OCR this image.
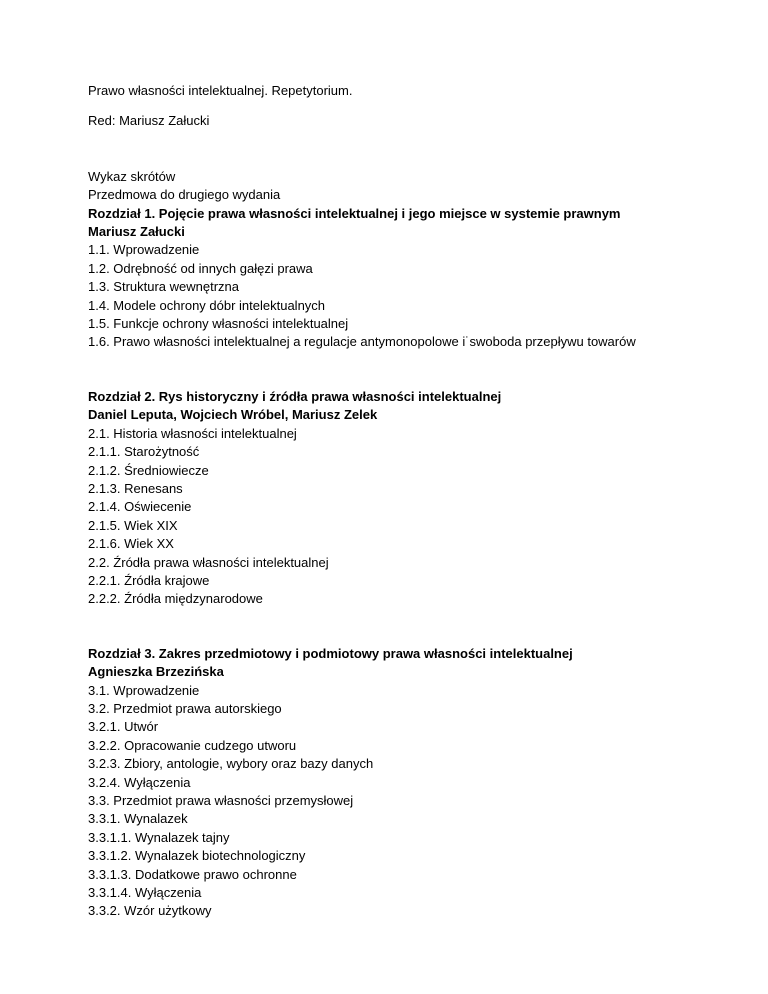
Prawo własności intelektualnej. Repetytorium.
Red: Mariusz Załucki
Wykaz skrótów
Przedmowa do drugiego wydania
Rozdział 1. Pojęcie prawa własności intelektualnej i jego miejsce w systemie prawnym
Mariusz Załucki
1.1. Wprowadzenie
1.2. Odrębność od innych gałęzi prawa
1.3. Struktura wewnętrzna
1.4. Modele ochrony dóbr intelektualnych
1.5. Funkcje ochrony własności intelektualnej
1.6. Prawo własności intelektualnej a regulacje antymonopolowe i˙swoboda przepływu towarów
Rozdział 2. Rys historyczny i źródła prawa własności intelektualnej
Daniel Leputa, Wojciech Wróbel, Mariusz Zelek
2.1. Historia własności intelektualnej
2.1.1. Starożytność
2.1.2. Średniowiecze
2.1.3. Renesans
2.1.4. Oświecenie
2.1.5. Wiek XIX
2.1.6. Wiek XX
2.2. Źródła prawa własności intelektualnej
2.2.1. Źródła krajowe
2.2.2. Źródła międzynarodowe
Rozdział 3. Zakres przedmiotowy i podmiotowy prawa własności intelektualnej
Agnieszka Brzezińska
3.1. Wprowadzenie
3.2. Przedmiot prawa autorskiego
3.2.1. Utwór
3.2.2. Opracowanie cudzego utworu
3.2.3. Zbiory, antologie, wybory oraz bazy danych
3.2.4. Wyłączenia
3.3. Przedmiot prawa własności przemysłowej
3.3.1. Wynalazek
3.3.1.1. Wynalazek tajny
3.3.1.2. Wynalazek biotechnologiczny
3.3.1.3. Dodatkowe prawo ochronne
3.3.1.4. Wyłączenia
3.3.2. Wzór użytkowy
